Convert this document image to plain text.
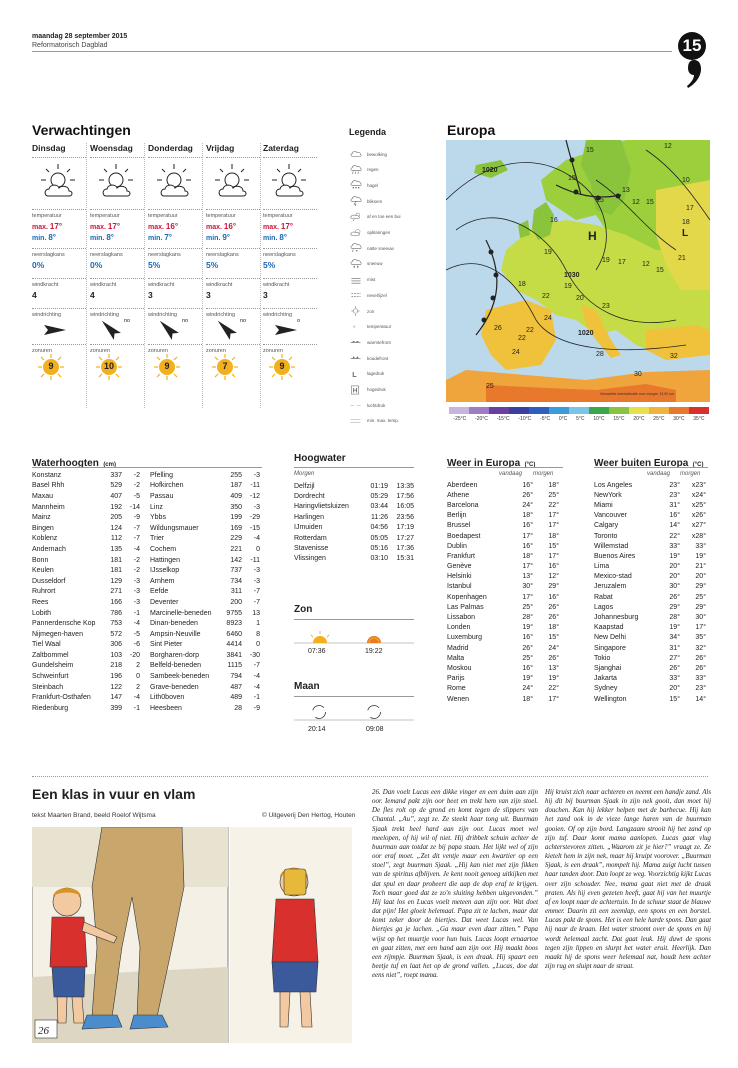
maandag 28 september 2015
Reformatorisch Dagblad	15
Verwachtingen
Dinsdag
temperatuur
max. 17°
min. 8°
neerslagkans
0%
windkracht
4
windrichting
zonuren
9
Woensdag
temperatuur
max. 17°
min. 8°
neerslagkans
0%
windkracht
4
windrichting
no
zonuren
10
Donderdag
temperatuur
max. 16°
min. 7°
neerslagkans
5%
windkracht
3
windrichting
no
zonuren
9
Vrijdag
temperatuur
max. 16°
min. 9°
neerslagkans
5%
windkracht
3
windrichting
no
zonuren
7
Zaterdag
temperatuur
max. 17°
min. 8°
neerslagkans
5%
windkracht
3
windrichting
o
zonuren
9
Legenda
bewolking
regen
hagel
bliksem
af en toe een bui
opklaringen
natte sneeuw
sneeuw
mist
nevel/ijzel
zon
°	temperatuur
warmtefront
koudefront
L lagedruk
H hogedruk
luchtdruk
min. max. temp.
Europa
H	L
1020
1030
1020
15
12
10
15
13
15	12 15
17
16	18
19
19 17 12
15
21
18	19
22	20
26	22
24
22
23
24
25
28
30
32
Verwachte weerssituatie voor morgen 13.00 uur
-25°C -20°C -15°C -10°C -5°C 0°C 5°C 10°C 15°C 20°C 25°C 30°C 35°C
Waterhoogten (cm)
Konstanz	337	-2
Basel Rhh	529	-2
Maxau	407	-5
Mannheim	192	-14
Mainz	205	-9
Bingen	124	-7
Koblenz	112	-7
Andernach	135	-4
Bonn	181	-2
Keulen	181	-2
Dusseldorf	129	-3
Ruhrort	271	-3
Rees	166	-3
Lobith	786	-1
Pannerdensche Kop	753	-4
Nijmegen-haven	572	-5
Tiel Waal	306	-6
Zaltbommel	103	-20
Gundelsheim	218	2
Schweinfurt	196	0
Steinbach	122	2
Frankfurt-Osthafen	147	-4
Riedenburg	399	-1
Pfelling	255	-3
Hofkirchen	187	-11
Passau	409	-12
Linz	350	-3
Ybbs	199	-29
Wildungsmauer	169	-15
Trier	229	-4
Cochem	221	0
Hattingen	142	-11
IJsselkop	737	-3
Arnhem	734	-3
Eefde	311	-7
Deventer	200	-7
Marcinelle-beneden	9755	13
Dinan-beneden	8923	1
Ampsin-Neuville	6460	8
Sint Pieter	4414	0
Borgharen-dorp	3841	-30
Belfeld-beneden	1115	-7
Sambeek-beneden	794	-4
Grave-beneden	487	-4
Lith0boven	489	-1
Heesbeen	28	-9
Hoogwater
Morgen
Delfzijl	01:19	13:35
Dordrecht	05:29	17:56
Haringvlietsluizen	03:44	16:05
Harlingen	11:26	23:56
IJmuiden	04:56	17:19
Rotterdam	05:05	17:27
Stavenisse	05:16	17:36
Vlissingen	03:10	15:31
Zon
07:36	19:22
Maan
20:14	09:08
Weer in Europa (°C)
vandaag morgen
Aberdeen	16°	18°
Athene	26°	25°
Barcelona	24°	22°
Berlijn	18°	17°
Brussel	16°	17°
Boedapest	17°	18°
Dublin	16°	15°
Frankfurt	18°	17°
Genève	17°	16°
Helsinki	13°	12°
Istanbul	30°	29°
Kopenhagen	17°	16°
Las Palmas	25°	26°
Lissabon	28°	26°
Londen	19°	18°
Luxemburg	16°	15°
Madrid	26°	24°
Malta	25°	26°
Moskou	16°	13°
Parijs	19°	19°
Rome	24°	22°
Wenen	18°	17°
Weer buiten Europa (°C)
vandaag morgen
Los Angeles	23°	x23°
NewYork	23°	x24°
Miami	31°	x25°
Vancouver	16°	x26°
Calgary	14°	x27°
Toronto	22°	x28°
Willemstad	33°	33°
Buenos Aires	19°	19°
Lima	20°	21°
Mexico-stad	20°	20°
Jeruzalem	30°	29°
Rabat	26°	25°
Lagos	29°	29°
Johannesburg	28°	30°
Kaapstad	19°	17°
New Delhi	34°	35°
Singapore	31°	32°
Tokio	27°	26°
Sjanghai	26°	26°
Jakarta	33°	33°
Sydney	20°	23°
Wellington	15°	14°
Een klas in vuur en vlam
tekst Maarten Brand, beeld Roelof Wijtsma	© Uitgeverij Den Hertog, Houten
26
26. Dan voelt Lucas een dikke vinger en een duim aan zijn oor. Iemand pakt zijn oor beet en trekt hem van zijn stoel. De fles rolt op de grond en komt tegen de slippers van Chantal. „Au”, zegt ze. Ze steekt haar tong uit. Buurman Sjaak trekt heel hard aan zijn oor. Lucas moet wel meelopen, of hij wil of niet. Hij dribbelt schuin achter de buurman aan totdat ze bij papa staan. Het lijkt wel of zijn oor eraf moet. „Zet dit ventje maar een kwartier op een stoel”, zegt buurman Sjaak. „Hij kan niet met zijn fikken van de spiritus afblijven. Je kent nooit genoeg uitkijken met dat spul en daar probeert die aap de dop eraf te krijgen. Toch maar goed dat ze zo'n sluiting hebben uitgevonden.” Hij laat los en Lucas voelt meteen aan zijn oor. Wat doet dat pijn! Het gloeit helemaal. Papa zit te lachen, maar dat komt zeker door de biertjes. Dat weet Lucas wel. Van biertjes ga je lachen. „Ga maar even daar zitten.” Papa wijst op het muurtje voor hun huis. Lucas loopt ernaartoe en gaat zitten, met een hand aan zijn oor. Hij maakt boos een rijmpje. Buurman Sjaak, is een draak. Hij spaart een beetje tuf en laat het op de grond vallen. „Lucas, doe dat eens niet”, roept mama.
Hij kruist zich naar achteren en neemt een handje zand. Als hij dit bij buurman Sjaak in zijn nek gooit, dan moet hij douchen. Kan hij lekker helpen met de barbecue. Hij kan het zand ook in de vieze lange haren van de buurman gooien. Of op zijn bord. Langzaam strooit hij het zand op zijn tuf. Daar komt mama aanlopen. Lucas gaat vlug achterstevoren zitten. „Waarom zit je hier?” vraagt ze. Ze kietelt hem in zijn nek, maar hij kruipt voorover. „Buurman Sjaak, is een draak”, mompelt hij. Mama zuigt lucht tussen haar tanden door. Dan loopt ze weg. Voorzichtig kijkt Lucas over zijn schouder. Nee, mama gaat niet met de draak praten. Als hij even gezeten heeft, gaat hij van het muurtje af en loopt naar de achtertuin. In de schuur staat de blauwe emmer. Daarin zit een zeemlap, een spons en een borstel. Lucas pakt de spons. Het is een hele harde spons. Dan gaat hij naar de kraan. Het water stroomt over de spons en hij wordt helemaal zacht. Dat gaat leuk. Hij duwt de spons tegen zijn lippen en slurpt het water eruit. Heerlijk. Dan maakt hij de spons weer helemaal nat, houdt hem achter zijn rug en sluipt naar de straat.
